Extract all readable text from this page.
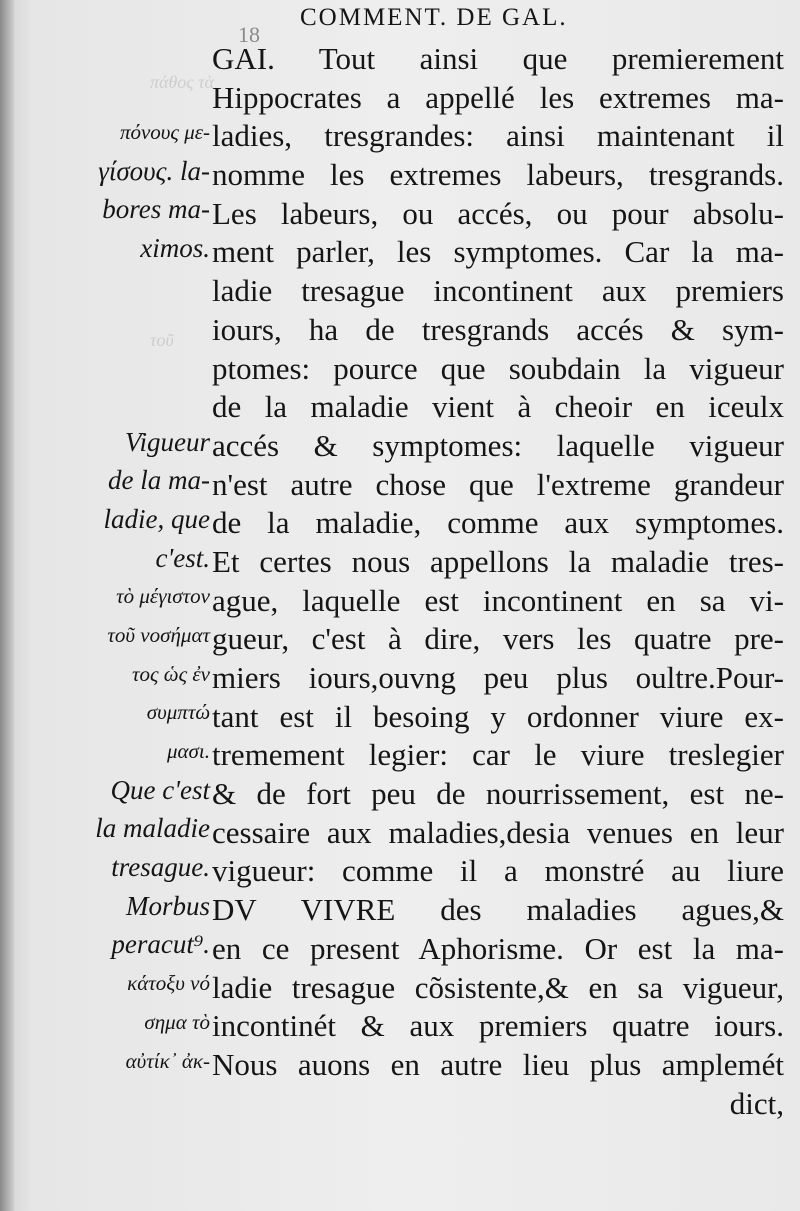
πάθος τὰ
τοῦ
18
COMMENT. DE GAL.
πόνους με-
γίσους. la-
bores ma-
ximos.
Vigueur
de la ma-
ladie, que
c'est.
τὸ μέγιστον
τοῦ νοσήματ
τος ὡς ἐν
συμπτώ
μασι.
Que c'est
la maladie
tresague.
Morbus
peracut⁹.
κάτοξυ νό
σημα τὸ
αὐτίκ᾽ ἀκ-
GAI. Tout ainsi que premierement
Hippocrates a appellé les extremes ma-
ladies, tresgrandes: ainsi maintenant il
nomme les extremes labeurs, tresgrands.
Les labeurs, ou accés, ou pour absolu-
ment parler, les symptomes. Car la ma-
ladie tresague incontinent aux premiers
iours, ha de tresgrands accés & sym-
ptomes: pource que soubdain la vigueur
de la maladie vient à cheoir en iceulx
accés & symptomes: laquelle vigueur
n'est autre chose que l'extreme grandeur
de la maladie, comme aux symptomes.
Et certes nous appellons la maladie tres-
ague, laquelle est incontinent en sa vi-
gueur, c'est à dire, vers les quatre pre-
miers iours,ouvng peu plus oultre.Pour-
tant est il besoing y ordonner viure ex-
tremement legier: car le viure treslegier
& de fort peu de nourrissement, est ne-
cessaire aux maladies,desia venues en leur
vigueur: comme il a monstré au liure
DV VIVRE des maladies agues,&
en ce present Aphorisme. Or est la ma-
ladie tresague cõsistente,& en sa vigueur,
incontinét & aux premiers quatre iours.
Nous auons en autre lieu plus amplemét
dict,
